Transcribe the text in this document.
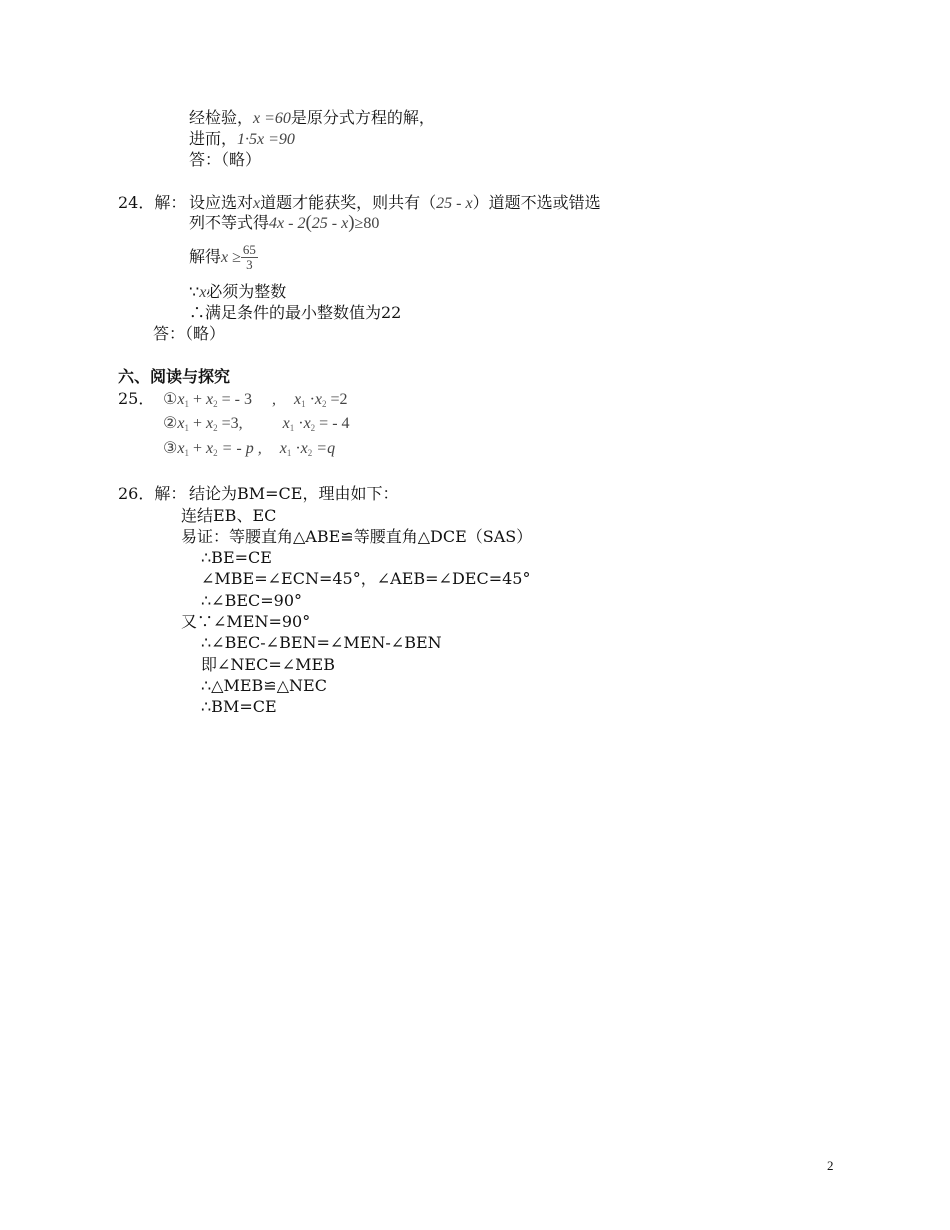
经检验，x =60是原分式方程的解，
进而，1·5x =90
答：（略）
24．解： 设应选对x道题才能获奖，则共有（25 - x）道题不选或错选
列不等式得4x - 2(25 - x)≥80
解得$x \ge \frac{65}{3}$
∵x必须为整数
∴满足条件的最小整数值为22
答：（略）
六、阅读与探究
25． $①x_1 + x_2$ = - 3 , $x_1 \cdot x_2 =2$
$②x_1 + x_2 =3$,	$x_1 \cdot x_2$ = - 4
$③x_1 + x_2$ = - p , $x_1 \cdot x_2 =q$
26．解： 结论为BM=CE，理由如下：
连结EB、EC
易证：等腰直角△ABE≌等腰直角△DCE（SAS）
∴BE=CE
∠MBE=∠ECN=45°，∠AEB=∠DEC=45°
∴∠BEC=90°
又∵∠MEN=90°
∴∠BEC-∠BEN=∠MEN-∠BEN
即∠NEC=∠MEB
∴△MEB≌△NEC
∴BM=CE
2
